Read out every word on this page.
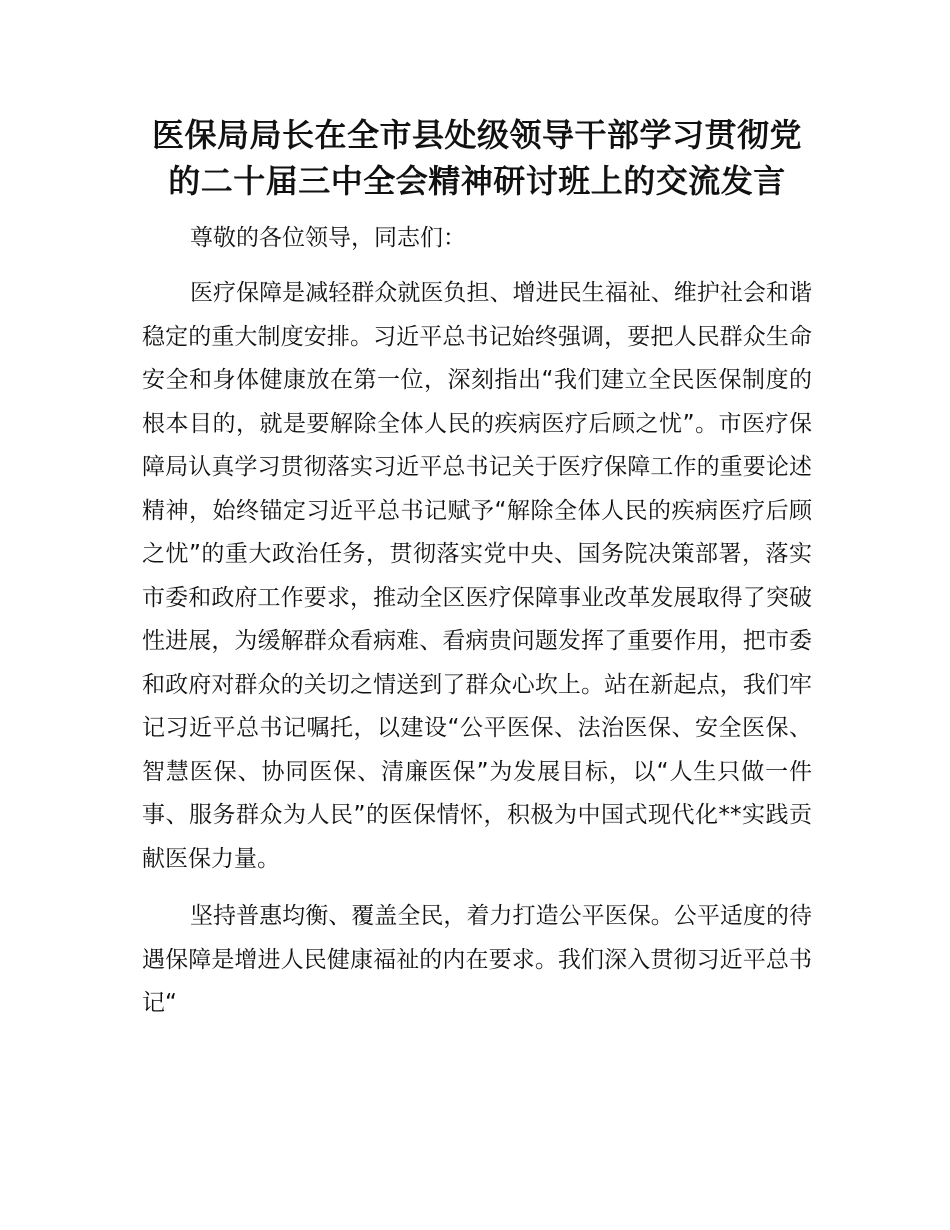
医保局局长在全市县处级领导干部学习贯彻党
的二十届三中全会精神研讨班上的交流发言

尊敬的各位领导，同志们：

医疗保障是减轻群众就医负担、增进民生福祉、维护社会和谐稳定的重大制度安排。习近平总书记始终强调，要把人民群众生命安全和身体健康放在第一位，深刻指出“我们建立全民医保制度的根本目的，就是要解除全体人民的疾病医疗后顾之忧”。市医疗保障局认真学习贯彻落实习近平总书记关于医疗保障工作的重要论述精神，始终锚定习近平总书记赋予“解除全体人民的疾病医疗后顾之忧”的重大政治任务，贯彻落实党中央、国务院决策部署，落实市委和政府工作要求，推动全区医疗保障事业改革发展取得了突破性进展，为缓解群众看病难、看病贵问题发挥了重要作用，把市委和政府对群众的关切之情送到了群众心坎上。站在新起点，我们牢记习近平总书记嘱托，以建设“公平医保、法治医保、安全医保、智慧医保、协同医保、清廉医保”为发展目标，以“人生只做一件事、服务群众为人民”的医保情怀，积极为中国式现代化**实践贡献医保力量。

坚持普惠均衡、覆盖全民，着力打造公平医保。公平适度的待遇保障是增进人民健康福祉的内在要求。我们深入贯彻习近平总书记“
